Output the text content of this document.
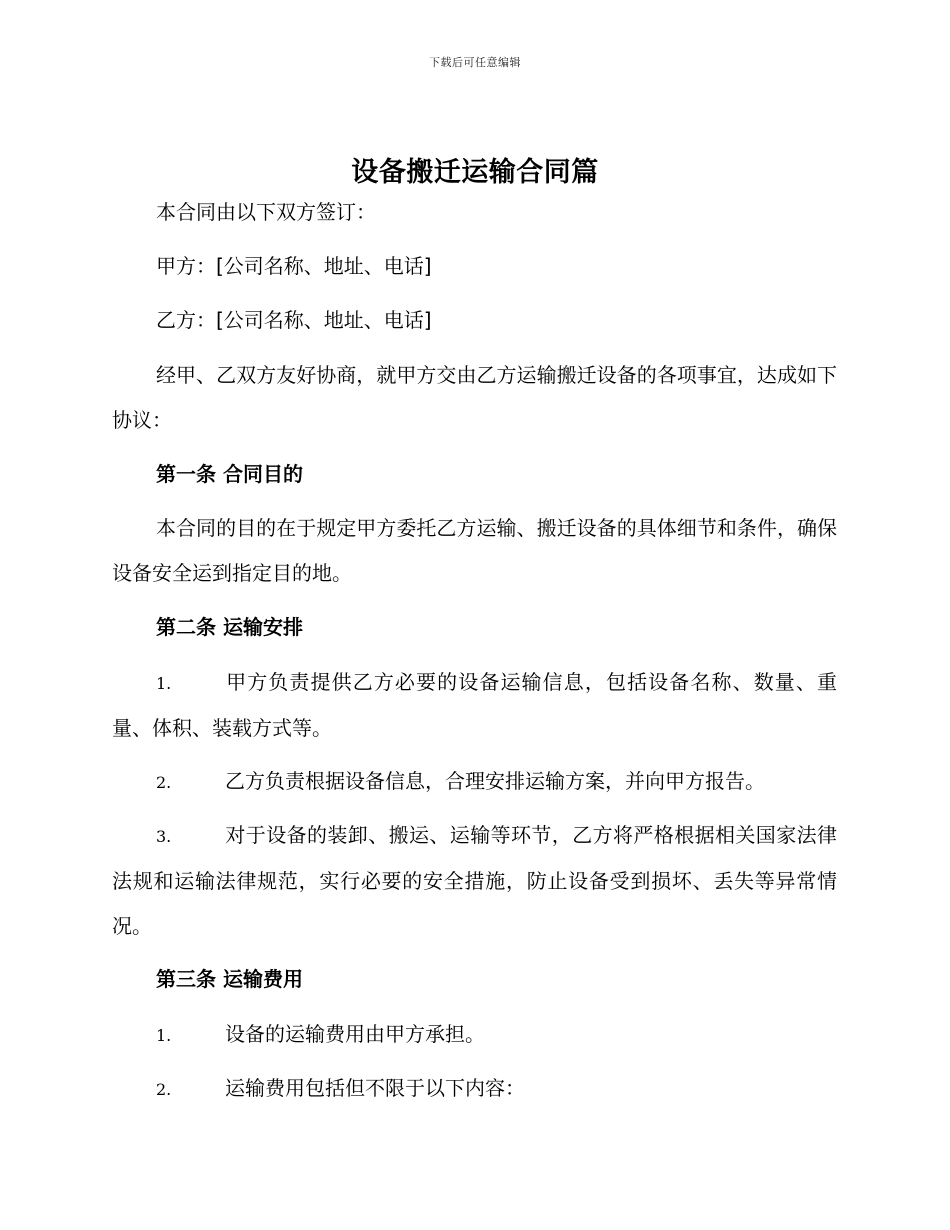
下载后可任意编辑
设备搬迁运输合同篇

本合同由以下双方签订：

甲方：[公司名称、地址、电话]

乙方：[公司名称、地址、电话]

经甲、乙双方友好协商，就甲方交由乙方运输搬迁设备的各项事宜，达成如下协议：

第一条 合同目的

本合同的目的在于规定甲方委托乙方运输、搬迁设备的具体细节和条件，确保设备安全运到指定目的地。

第二条 运输安排

1.	甲方负责提供乙方必要的设备运输信息，包括设备名称、数量、重量、体积、装载方式等。

2.	乙方负责根据设备信息，合理安排运输方案，并向甲方报告。

3.	对于设备的装卸、搬运、运输等环节，乙方将严格根据相关国家法律法规和运输法律规范，实行必要的安全措施，防止设备受到损坏、丢失等异常情况。

第三条 运输费用

1.	设备的运输费用由甲方承担。

2.	运输费用包括但不限于以下内容：
